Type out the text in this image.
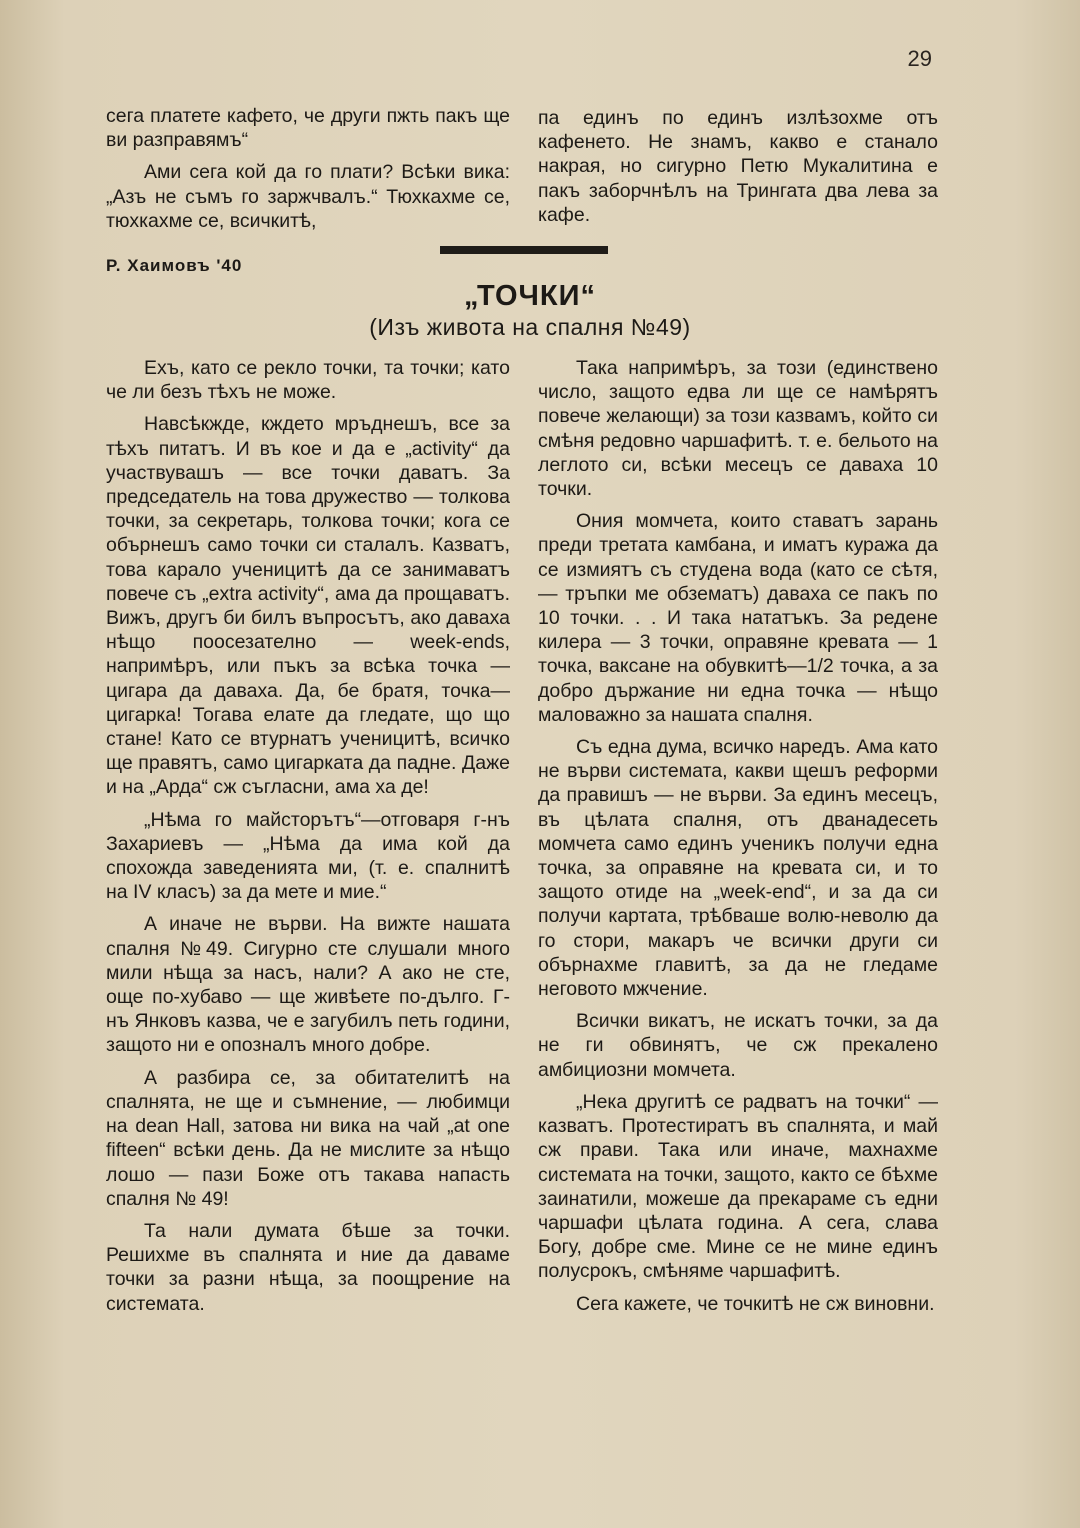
29

сега платете кафето, че други пжть пакъ ще ви разправямъ“

Ами сега кой да го плати? Всѣки вика: „Азъ не съмъ го заржчвалъ.“ Тюхкахме се, тюхкахме се, всичкитѣ,

па единъ по единъ излѣзохме отъ кафенето. Не знамъ, какво е станало накрая, но сигурно Петю Мукалитина е пакъ заборчнѣлъ на Трингата два лева за кафе.

Р. Хаимовъ '40
„ТОЧКИ“
(Изъ живота на спалня №49)

Ехъ, като се рекло точки, та точки; като че ли безъ тѣхъ не може.

Навсѣкжде, кждето мръднешъ, все за тѣхъ питатъ. И въ кое и да е „activity“ да участвувашъ — все точки даватъ. За председатель на това дружество — толкова точки, за секретарь, толкова точки; кога се обърнешъ само точки си сталалъ. Казватъ, това карало ученицитѣ да се занимаватъ повече съ „extra activity“, ама да прощаватъ. Вижъ, другъ би билъ въпросътъ, ако даваха нѣщо поосезателно — week-ends, напримѣръ, или пъкъ за всѣка точка — цигара да даваха. Да, бе братя, точка—цигарка! Тогава елате да гледате, що що стане! Като се втурнатъ ученицитѣ, всичко ще правятъ, само цигарката да падне. Даже и на „Арда“ сж съгласни, ама ха де!

„Нѣма го майсторътъ“—отговаря г-нъ Захариевъ — „Нѣма да има кой да спохожда заведенията ми, (т. е. спалнитѣ на IV класъ) за да мете и мие.“

А иначе не върви. На вижте нашата спалня №49. Сигурно сте слушали много мили нѣща за насъ, нали? А ако не сте, още по-хубаво — ще живѣете по-дълго. Г-нъ Янковъ казва, че е загубилъ петь години, защото ни е опозналъ много добре.

А разбира се, за обитателитѣ на спалнята, не ще и съмнение, — любимци на dean Hall, затова ни вика на чай „at one fifteen“ всѣки день. Да не мислите за нѣщо лошо — пази Боже отъ такава напасть спалня № 49!

Та нали думата бѣше за точки. Решихме въ спалнята и ние да даваме точки за разни нѣща, за поощрение на системата.

Така напримѣръ, за този (единствено число, защото едва ли ще се намѣрятъ повече желающи) за този казвамъ, който си смѣня редовно чаршафитѣ. т. е. бельото на леглото си, всѣки месецъ се даваха 10 точки.

Ония момчета, които ставатъ зарань преди третата камбана, и иматъ куража да се измиятъ съ студена вода (като се сѣтя, — тръпки ме обзематъ) даваха се пакъ по 10 точки. . . И така нататъкъ. За редене килера — 3 точки, оправяне кревата — 1 точка, ваксане на обувкитѣ—1/2 точка, а за добро държание ни една точка — нѣщо маловажно за нашата спалня.

Съ една дума, всичко наредъ. Ама като не върви системата, какви щешъ реформи да правишъ — не върви. За единъ месецъ, въ цѣлата спалня, отъ дванадесеть момчета само единъ ученикъ получи една точка, за оправяне на кревата си, и то защото отиде на „week-end“, и за да си получи картата, трѣбваше волю-неволю да го стори, макаръ че всички други си обърнахме главитѣ, за да не гледаме неговото мжчение.

Всички викатъ, не искатъ точки, за да не ги обвинятъ, че сж прекалено амбициозни момчета.

„Нека другитѣ се радватъ на точки“ — казватъ. Протестиратъ въ спалнята, и май сж прави. Така или иначе, махнахме системата на точки, защото, както се бѣхме заинатили, можеше да прекараме съ едни чаршафи цѣлата година. А сега, слава Богу, добре сме. Мине се не мине единъ полусрокъ, смѣняме чаршафитѣ.

Сега кажете, че точкитѣ не сж виновни.
